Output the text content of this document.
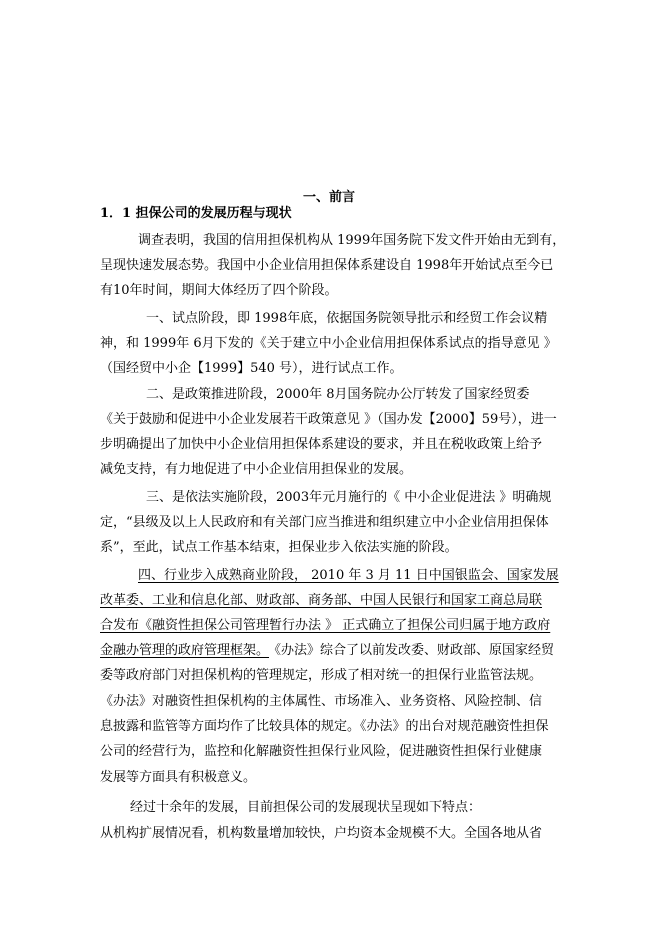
一、前言
1．1 担保公司的发展历程与现状
调查表明，我国的信用担保机构从 1999年国务院下发文件开始由无到有，
呈现快速发展态势。我国中小企业信用担保体系建设自 1998年开始试点至今已
有10年时间，期间大体经历了四个阶段。
一、试点阶段，即 1998年底，依据国务院领导批示和经贸工作会议精
神，和 1999年 6月下发的《关于建立中小企业信用担保体系试点的指导意见 》
（国经贸中小企【1999】540 号），进行试点工作。
二、是政策推进阶段，2000年 8月国务院办公厅转发了国家经贸委
《关于鼓励和促进中小企业发展若干政策意见 》（国办发【2000】59号），进一
步明确提出了加快中小企业信用担保体系建设的要求，并且在税收政策上给予
减免支持，有力地促进了中小企业信用担保业的发展。
三、是依法实施阶段，2003年元月施行的《 中小企业促进法 》明确规
定，“县级及以上人民政府和有关部门应当推进和组织建立中小企业信用担保体
系”，至此，试点工作基本结束，担保业步入依法实施的阶段。
四、行业步入成熟商业阶段， 2010 年 3 月 11 日中国银监会、国家发展
改革委、工业和信息化部、财政部、商务部、中国人民银行和国家工商总局联
合发布《融资性担保公司管理暂行办法 》 正式确立了担保公司归属于地方政府
金融办管理的政府管理框架。
《办法》综合了以前发改委、财政部、原国家经贸
委等政府部门对担保机构的管理规定，形成了相对统一的担保行业监管法规。
《办法》对融资性担保机构的主体属性、市场准入、业务资格、风险控制、信
息披露和监管等方面均作了比较具体的规定。《办法》的出台对规范融资性担保
公司的经营行为，监控和化解融资性担保行业风险，促进融资性担保行业健康
发展等方面具有积极意义。
经过十余年的发展，目前担保公司的发展现状呈现如下特点：
从机构扩展情况看，机构数量增加较快，户均资本金规模不大。全国各地从省
